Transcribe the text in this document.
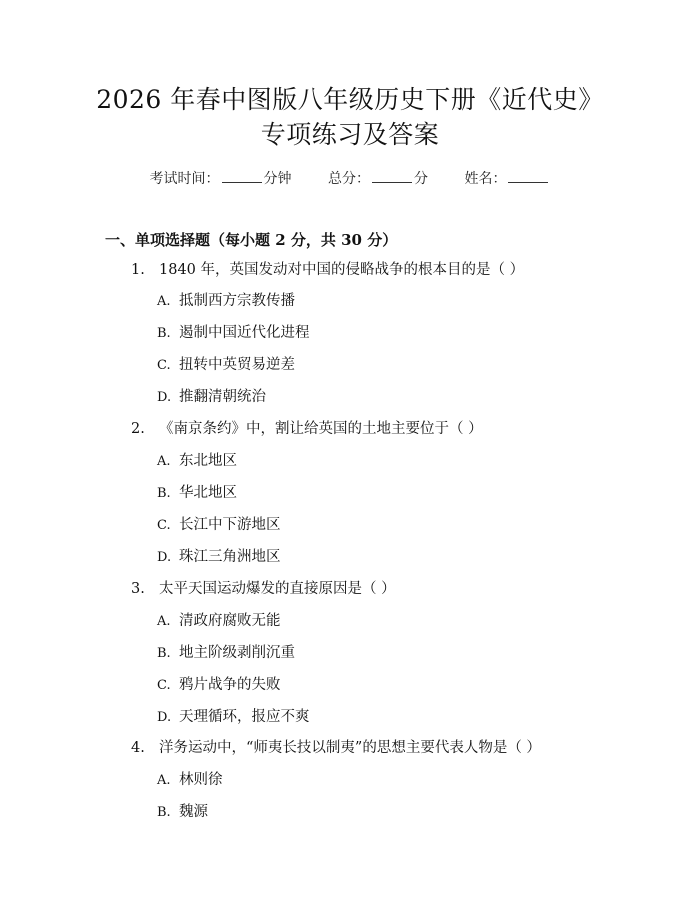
2026 年春中图版八年级历史下册《近代史》
专项练习及答案
考试时间：	分钟	总分：	分	姓名：
一、单项选择题（每小题 2 分，共 30 分）
1. 1840 年，英国发动对中国的侵略战争的根本目的是（ ）
A. 抵制西方宗教传播
B. 遏制中国近代化进程
C. 扭转中英贸易逆差
D. 推翻清朝统治
2. 《南京条约》中，割让给英国的土地主要位于（ ）
A. 东北地区
B. 华北地区
C. 长江中下游地区
D. 珠江三角洲地区
3. 太平天国运动爆发的直接原因是（ ）
A. 清政府腐败无能
B. 地主阶级剥削沉重
C. 鸦片战争的失败
D. 天理循环，报应不爽
4. 洋务运动中，“师夷长技以制夷”的思想主要代表人物是（ ）
A. 林则徐
B. 魏源
